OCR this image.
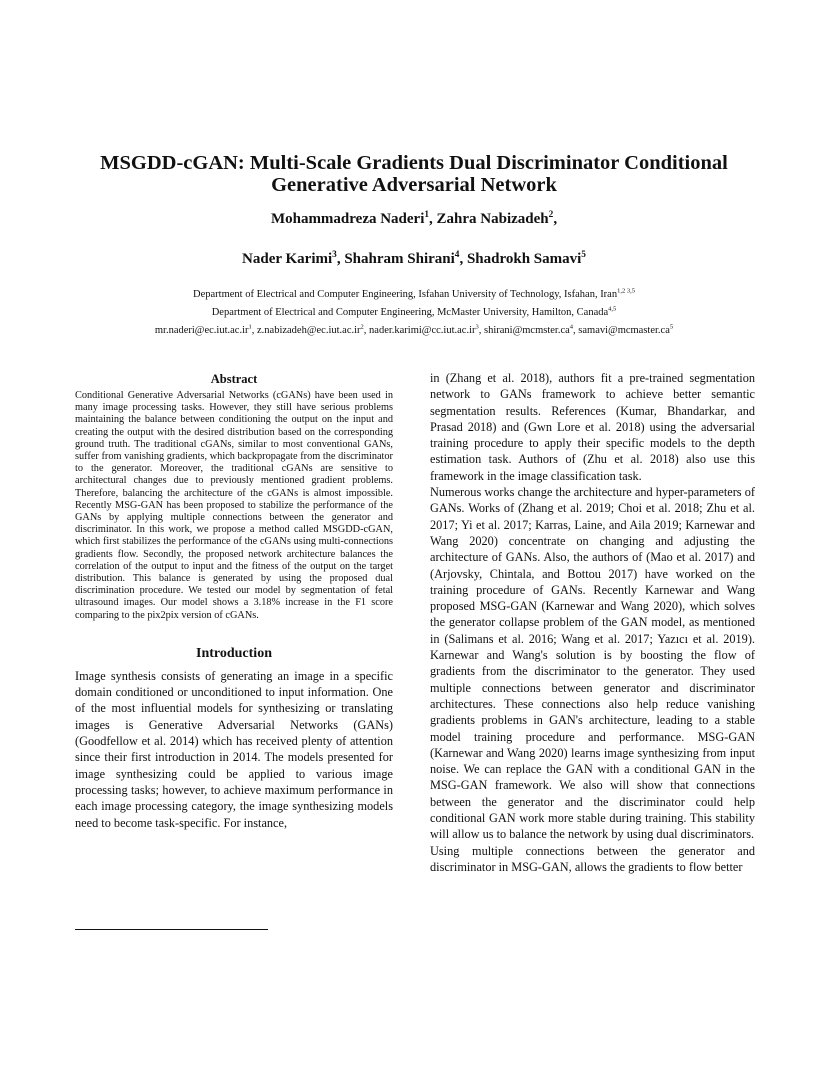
MSGDD-cGAN: Multi-Scale Gradients Dual Discriminator Conditional
Generative Adversarial Network
Mohammadreza Naderi$^1$, Zahra Nabizadeh$^2$,
Nader Karimi$^3$, Shahram Shirani$^4$, Shadrokh Samavi$^5$
Department of Electrical and Computer Engineering, Isfahan University of Technology, Isfahan, Iran$^{1,2 3,5}$
Department of Electrical and Computer Engineering, McMaster University, Hamilton, Canada$^{4,5}$
$mr.naderi@ec.iut.ac.ir^1$, $z.nabizadeh@ec.iut.ac.ir^2$, $nader.karimi@cc.iut.ac.ir^3$, $shirani@mcmster.ca^4$, $samavi@mcmaster.ca^5$
Abstract

Conditional Generative Adversarial Networks (cGANs) have been used in many image processing tasks. However, they still have serious problems maintaining the balance between conditioning the output on the input and creating the output with the desired distribution based on the corresponding ground truth. The traditional cGANs, similar to most conventional GANs, suffer from vanishing gradients, which backpropagate from the discriminator to the generator. Moreover, the traditional cGANs are sensitive to architectural changes due to previously mentioned gradient problems. Therefore, balancing the architecture of the cGANs is almost impossible. Recently MSG-GAN has been proposed to stabilize the performance of the GANs by applying multiple connections between the generator and discriminator. In this work, we propose a method called MSGDD-cGAN, which first stabilizes the performance of the cGANs using multi-connections gradients flow. Secondly, the proposed network architecture balances the correlation of the output to input and the fitness of the output on the target distribution. This balance is generated by using the proposed dual discrimination procedure. We tested our model by segmentation of fetal ultrasound images. Our model shows a 3.18% increase in the F1 score comparing to the pix2pix version of cGANs.

Introduction

Image synthesis consists of generating an image in a specific domain conditioned or unconditioned to input information. One of the most influential models for synthesizing or translating images is Generative Adversarial Networks (GANs) (Goodfellow et al. 2014) which has received plenty of attention since their first introduction in 2014. The models presented for image synthesizing could be applied to various image processing tasks; however, to achieve maximum performance in each image processing category, the image synthesizing models need to become task-specific. For instance,

in (Zhang et al. 2018), authors fit a pre-trained segmentation network to GANs framework to achieve better semantic segmentation results. References (Kumar, Bhandarkar, and Prasad 2018) and (Gwn Lore et al. 2018) using the adversarial training procedure to apply their specific models to the depth estimation task. Authors of (Zhu et al. 2018) also use this framework in the image classification task.

Numerous works change the architecture and hyper-parameters of GANs. Works of (Zhang et al. 2019; Choi et al. 2018; Zhu et al. 2017; Yi et al. 2017; Karras, Laine, and Aila 2019; Karnewar and Wang 2020) concentrate on changing and adjusting the architecture of GANs. Also, the authors of (Mao et al. 2017) and (Arjovsky, Chintala, and Bottou 2017) have worked on the training procedure of GANs. Recently Karnewar and Wang proposed MSG-GAN (Karnewar and Wang 2020), which solves the generator collapse problem of the GAN model, as mentioned in (Salimans et al. 2016; Wang et al. 2017; Yazıcı et al. 2019). Karnewar and Wang's solution is by boosting the flow of gradients from the discriminator to the generator. They used multiple connections between generator and discriminator architectures. These connections also help reduce vanishing gradients problems in GAN's architecture, leading to a stable model training procedure and performance. MSG-GAN (Karnewar and Wang 2020) learns image synthesizing from input noise. We can replace the GAN with a conditional GAN in the MSG-GAN framework. We also will show that connections between the generator and the discriminator could help conditional GAN work more stable during training. This stability will allow us to balance the network by using dual discriminators.

Using multiple connections between the generator and discriminator in MSG-GAN, allows the gradients to flow better
